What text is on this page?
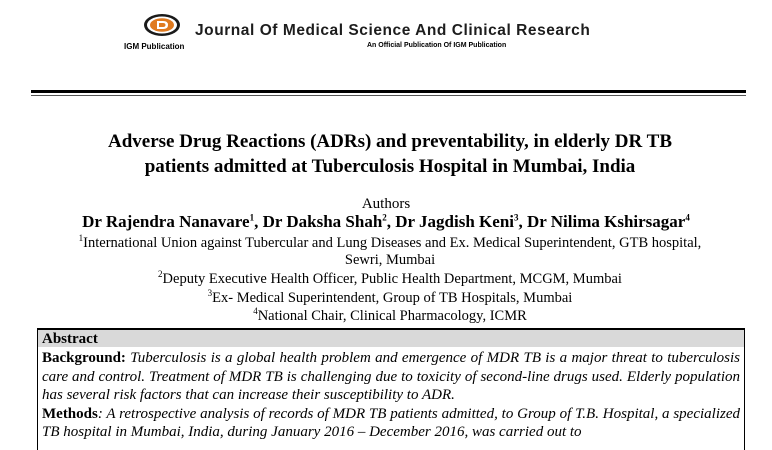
IGM Publication
Journal Of Medical Science And Clinical Research
An Official Publication Of IGM Publication
Adverse Drug Reactions (ADRs) and preventability, in elderly DR TB
patients admitted at Tuberculosis Hospital in Mumbai, India
Authors
Dr Rajendra Nanavare$^1$, Dr Daksha Shah$^2$, Dr Jagdish Keni$^3$, Dr Nilima Kshirsagar$^4$
$^1$International Union against Tubercular and Lung Diseases and Ex. Medical Superintendent, GTB hospital,
Sewri, Mumbai
$^2$Deputy Executive Health Officer, Public Health Department, MCGM, Mumbai
$^3$Ex- Medical Superintendent, Group of TB Hospitals, Mumbai
$^4$National Chair, Clinical Pharmacology, ICMR
Abstract
Background: Tuberculosis is a global health problem and emergence of MDR TB is a major threat to tuberculosis care and control. Treatment of MDR TB is challenging due to toxicity of second-line drugs used. Elderly population has several risk factors that can increase their susceptibility to ADR.
Methods: A retrospective analysis of records of MDR TB patients admitted, to Group of T.B. Hospital, a specialized TB hospital in Mumbai, India, during January 2016 – December 2016, was carried out to
